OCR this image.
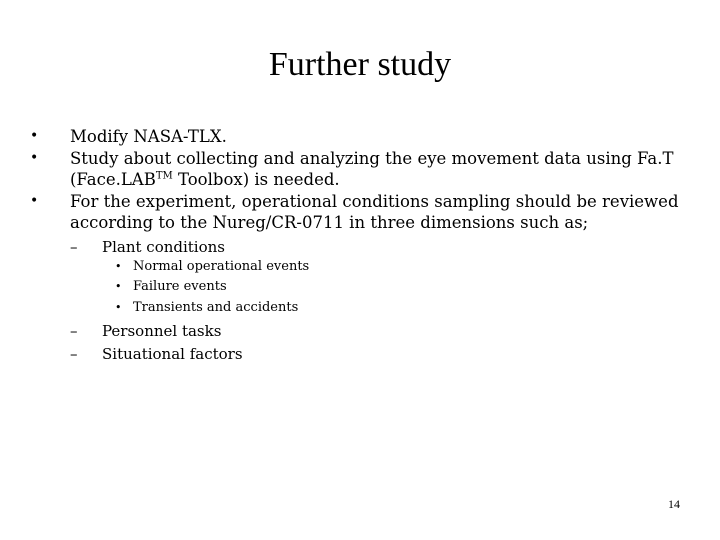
Further study
•	Modify NASA-TLX.
•	Study about collecting and analyzing the eye movement data using Fa.T
(Face.LAB™ Toolbox) is needed.
•	For the experiment, operational conditions sampling should be reviewed according to the Nureg/CR-0711 in three dimensions such as;
– Plant conditions
• Normal operational events
• Failure events
• Transients and accidents
– Personnel tasks
– Situational factors
14
